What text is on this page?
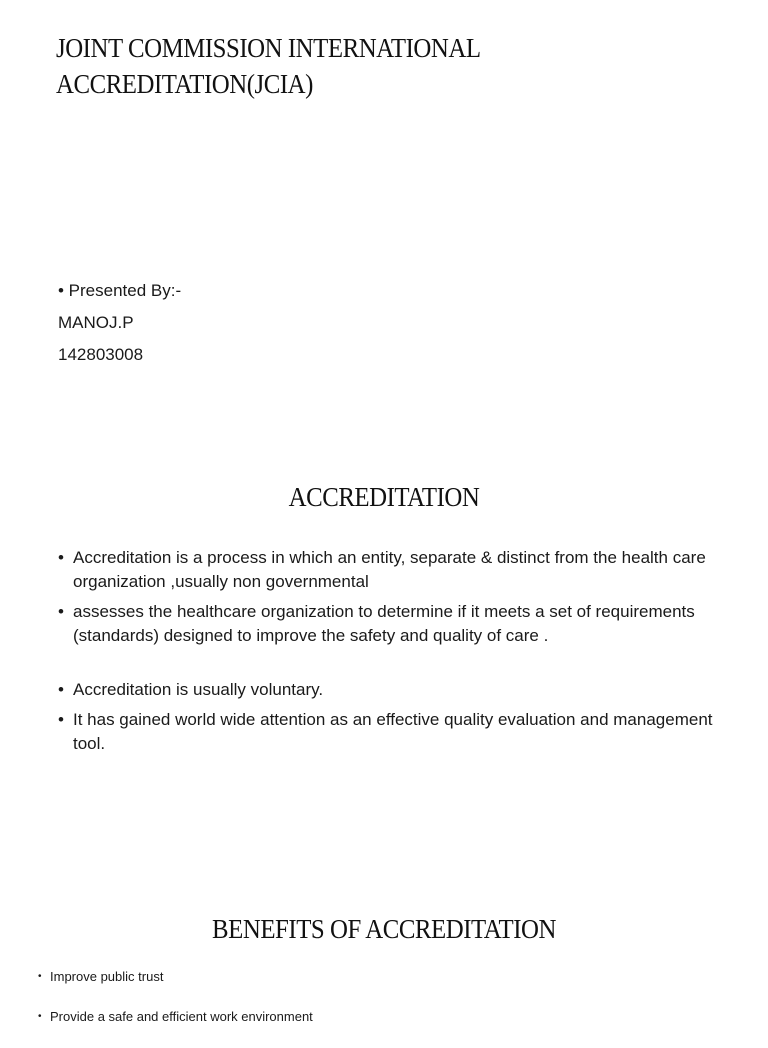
JOINT COMMISSION INTERNATIONAL
ACCREDITATION(JCIA)
• Presented By:-
MANOJ.P
142803008
ACCREDITATION
• Accreditation is a process in which an entity, separate & distinct from the health care organization ,usually non governmental
• assesses the healthcare organization to determine if it meets a set of requirements (standards) designed to improve the safety and quality of care .
• Accreditation is usually voluntary.
• It has gained world wide attention as an effective quality evaluation and management tool.
BENEFITS OF ACCREDITATION
• Improve public trust
• Provide a safe and efficient work environment
